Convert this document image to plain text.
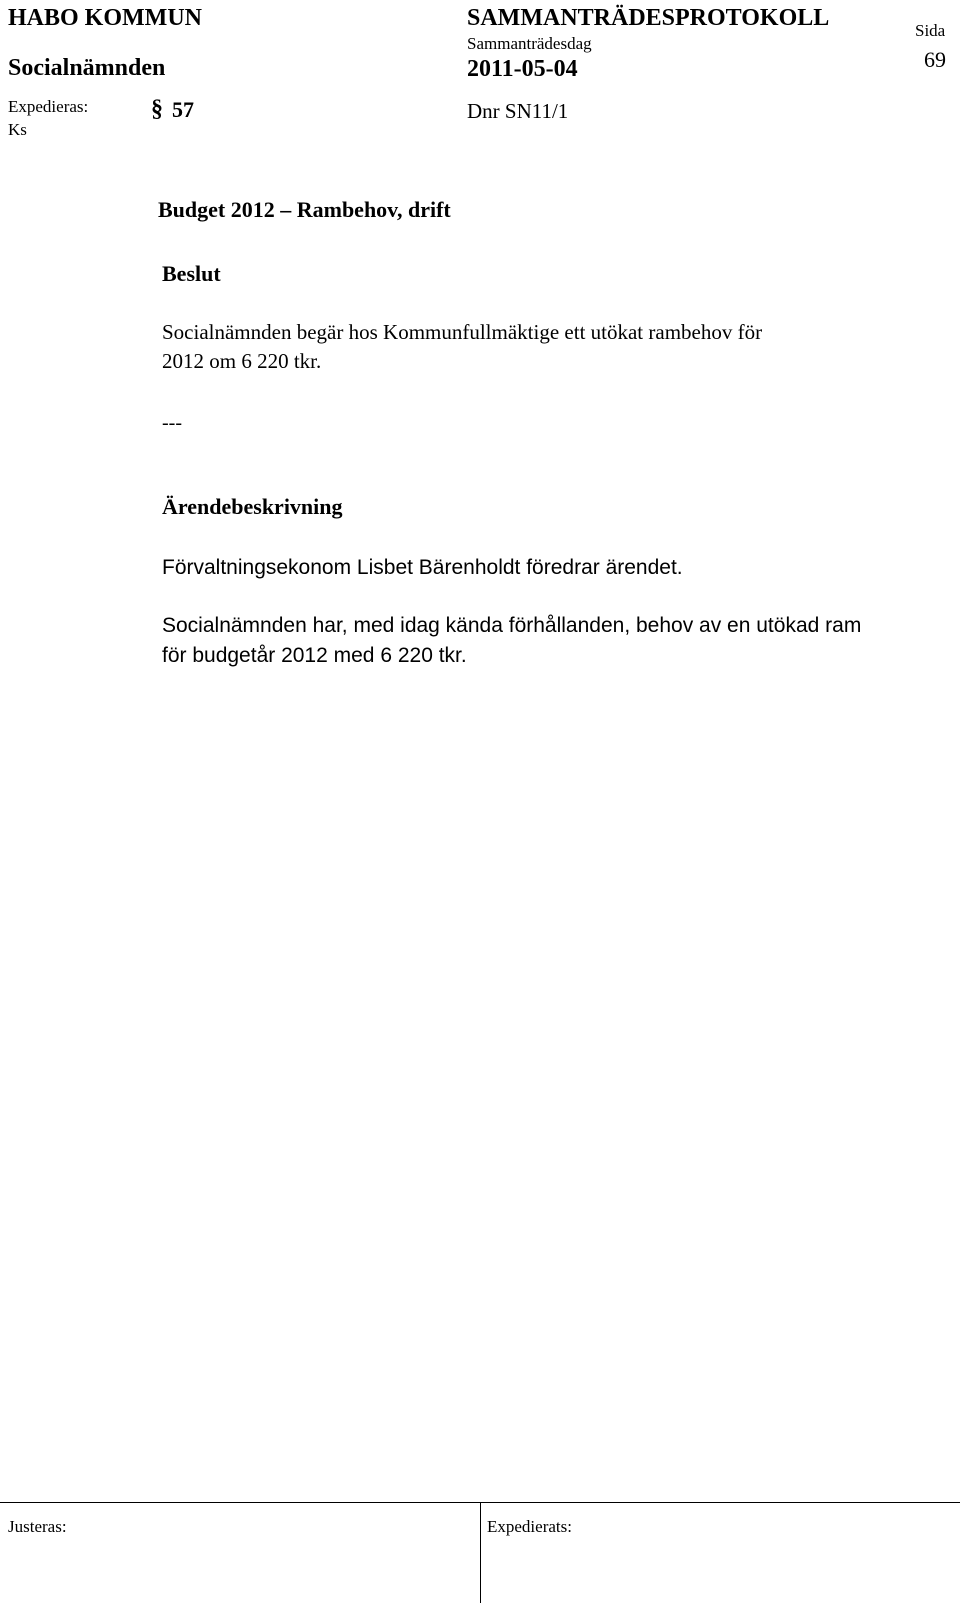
HABO KOMMUN
Socialnämnden
SAMMANTRÄDESPROTOKOLL
Sammanträdesdag
2011-05-04
Sida
69
Expedieras:
Ks
§ 57	Dnr SN11/1
Budget 2012 – Rambehov, drift
Beslut
Socialnämnden begär hos Kommunfullmäktige ett utökat rambehov för
2012 om 6 220 tkr.
---
Ärendebeskrivning
Förvaltningsekonom Lisbet Bärenholdt föredrar ärendet.
Socialnämnden har, med idag kända förhållanden, behov av en utökad ram
för budgetår 2012 med 6 220 tkr.
Justeras:	Expedierats:
